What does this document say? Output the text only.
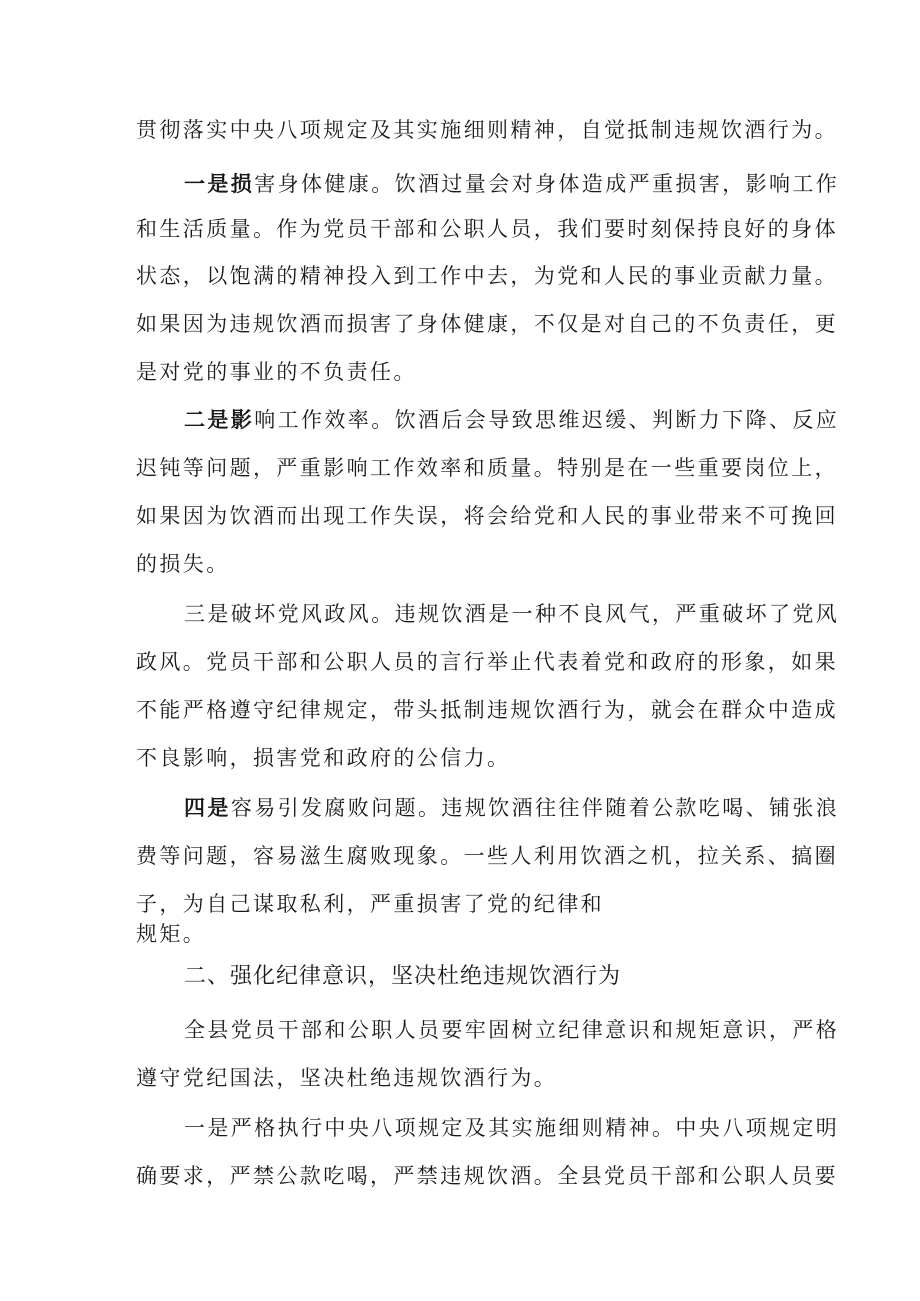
贯彻落实中央八项规定及其实施细则精神，自觉抵制违规饮酒行为。
一是损害身体健康。饮酒过量会对身体造成严重损害，影响工作
和生活质量。作为党员干部和公职人员，我们要时刻保持良好的身体
状态，以饱满的精神投入到工作中去，为党和人民的事业贡献力量。
如果因为违规饮酒而损害了身体健康，不仅是对自己的不负责任，更
是对党的事业的不负责任。
二是影响工作效率。饮酒后会导致思维迟缓、判断力下降、反应
迟钝等问题，严重影响工作效率和质量。特别是在一些重要岗位上，
如果因为饮酒而出现工作失误，将会给党和人民的事业带来不可挽回
的损失。
三是破坏党风政风。违规饮酒是一种不良风气，严重破坏了党风
政风。党员干部和公职人员的言行举止代表着党和政府的形象，如果
不能严格遵守纪律规定，带头抵制违规饮酒行为，就会在群众中造成
不良影响，损害党和政府的公信力。
四是容易引发腐败问题。违规饮酒往往伴随着公款吃喝、铺张浪
费等问题，容易滋生腐败现象。一些人利用饮酒之机，拉关系、搞圈
子，为自己谋取私利，严重损害了党的纪律和
规矩。
二、强化纪律意识，坚决杜绝违规饮酒行为
全县党员干部和公职人员要牢固树立纪律意识和规矩意识，严格
遵守党纪国法，坚决杜绝违规饮酒行为。
一是严格执行中央八项规定及其实施细则精神。中央八项规定明
确要求，严禁公款吃喝，严禁违规饮酒。全县党员干部和公职人员要
